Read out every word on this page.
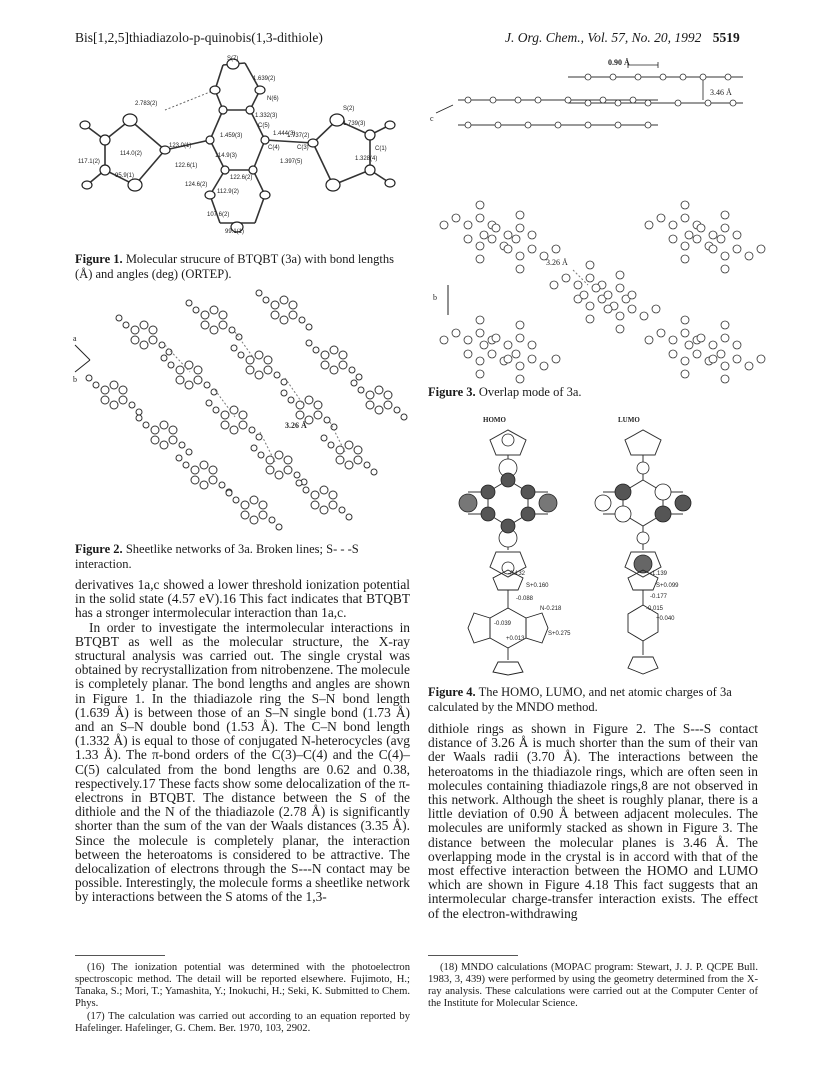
Bis[1,2,5]thiadiazolo-p-quinobis(1,3-dithiole)	J. Org. Chem., Vol. 57, No. 20, 1992 5519
S(7)
1.639(2)
N(6)
2.783(2)
1.332(3)
C(5)
1.459(3)	1.444(3)
C(4)
114.0(2)
123.0(1)
117.1(2)
114.9(3)
1.737(2)
C(3)
S(2)
1.739(3)
C(1)
1.397(5)	1.328(4)
122.6(1)
122.6(2)
95.9(1)
124.6(2)
112.9(2)
107.6(2)
99.1(1)
Figure 1. Molecular strucure of BTQBT (3a) with bond lengths (Å) and angles (deg) (ORTEP).
a
b
3.26 Å
Figure 2. Sheetlike networks of 3a. Broken lines; S- - -S interaction.

derivatives 1a,c showed a lower threshold ionization potential in the solid state (4.57 eV).16 This fact indicates that BTQBT has a stronger intermolecular interaction than 1a,c.

In order to investigate the intermolecular interactions in BTQBT as well as the molecular structure, the X-ray structural analysis was carried out. The single crystal was obtained by recrystallization from nitrobenzene. The molecule is completely planar. The bond lengths and angles are shown in Figure 1. In the thiadiazole ring the S–N bond length (1.639 Å) is between those of an S–N single bond (1.73 Å) and an S–N double bond (1.53 Å). The C–N bond length (1.332 Å) is equal to those of conjugated N-heterocycles (avg 1.33 Å). The π-bond orders of the C(3)–C(4) and the C(4)–C(5) calculated from the bond lengths are 0.62 and 0.38, respectively.17 These facts show some delocalization of the π-electrons in BTQBT. The distance between the S of the dithiole and the N of the thiadiazole (2.78 Å) is significantly shorter than the sum of the van der Waals distances (3.35 Å). Since the molecule is completely planar, the interaction between the heteroatoms is considered to be attractive. The delocalization of electrons through the S---N contact may be possible. Interestingly, the molecule forms a sheetlike network by interactions between the S atoms of the 1,3-

(16) The ionization potential was determined with the photoelectron spectroscopic method. The detail will be reported elsewhere. Fujimoto, H.; Tanaka, S.; Mori, T.; Yamashita, Y.; Inokuchi, H.; Seki, K. Submitted to Chem. Phys.

(17) The calculation was carried out according to an equation reported by Hafelinger. Hafelinger, G. Chem. Ber. 1970, 103, 2902.

0.90 Å
3.46 Å
c
3.26 Å
b
Figure 3. Overlap mode of 3a.
HOMO	LUMO
-0.132
S+0.160
-0.088
N-0.218
-0.039
S+0.275
+0.013
-1.139
S+0.099
-0.177
-0.015
+0.040
Figure 4. The HOMO, LUMO, and net atomic charges of 3a calculated by the MNDO method.

dithiole rings as shown in Figure 2. The S---S contact distance of 3.26 Å is much shorter than the sum of their van der Waals radii (3.70 Å). The interactions between the heteroatoms in the thiadiazole rings, which are often seen in molecules containing thiadiazole rings,8 are not observed in this network. Although the sheet is roughly planar, there is a little deviation of 0.90 Å between adjacent molecules. The molecules are uniformly stacked as shown in Figure 3. The distance between the molecular planes is 3.46 Å. The overlapping mode in the crystal is in accord with that of the most effective interaction between the HOMO and LUMO which are shown in Figure 4.18 This fact suggests that an intermolecular charge-transfer interaction exists. The effect of the electron-withdrawing

(18) MNDO calculations (MOPAC program: Stewart, J. J. P. QCPE Bull. 1983, 3, 439) were performed by using the geometry determined from the X-ray analysis. These calculations were carried out at the Computer Center of the Institute for Molecular Science.
